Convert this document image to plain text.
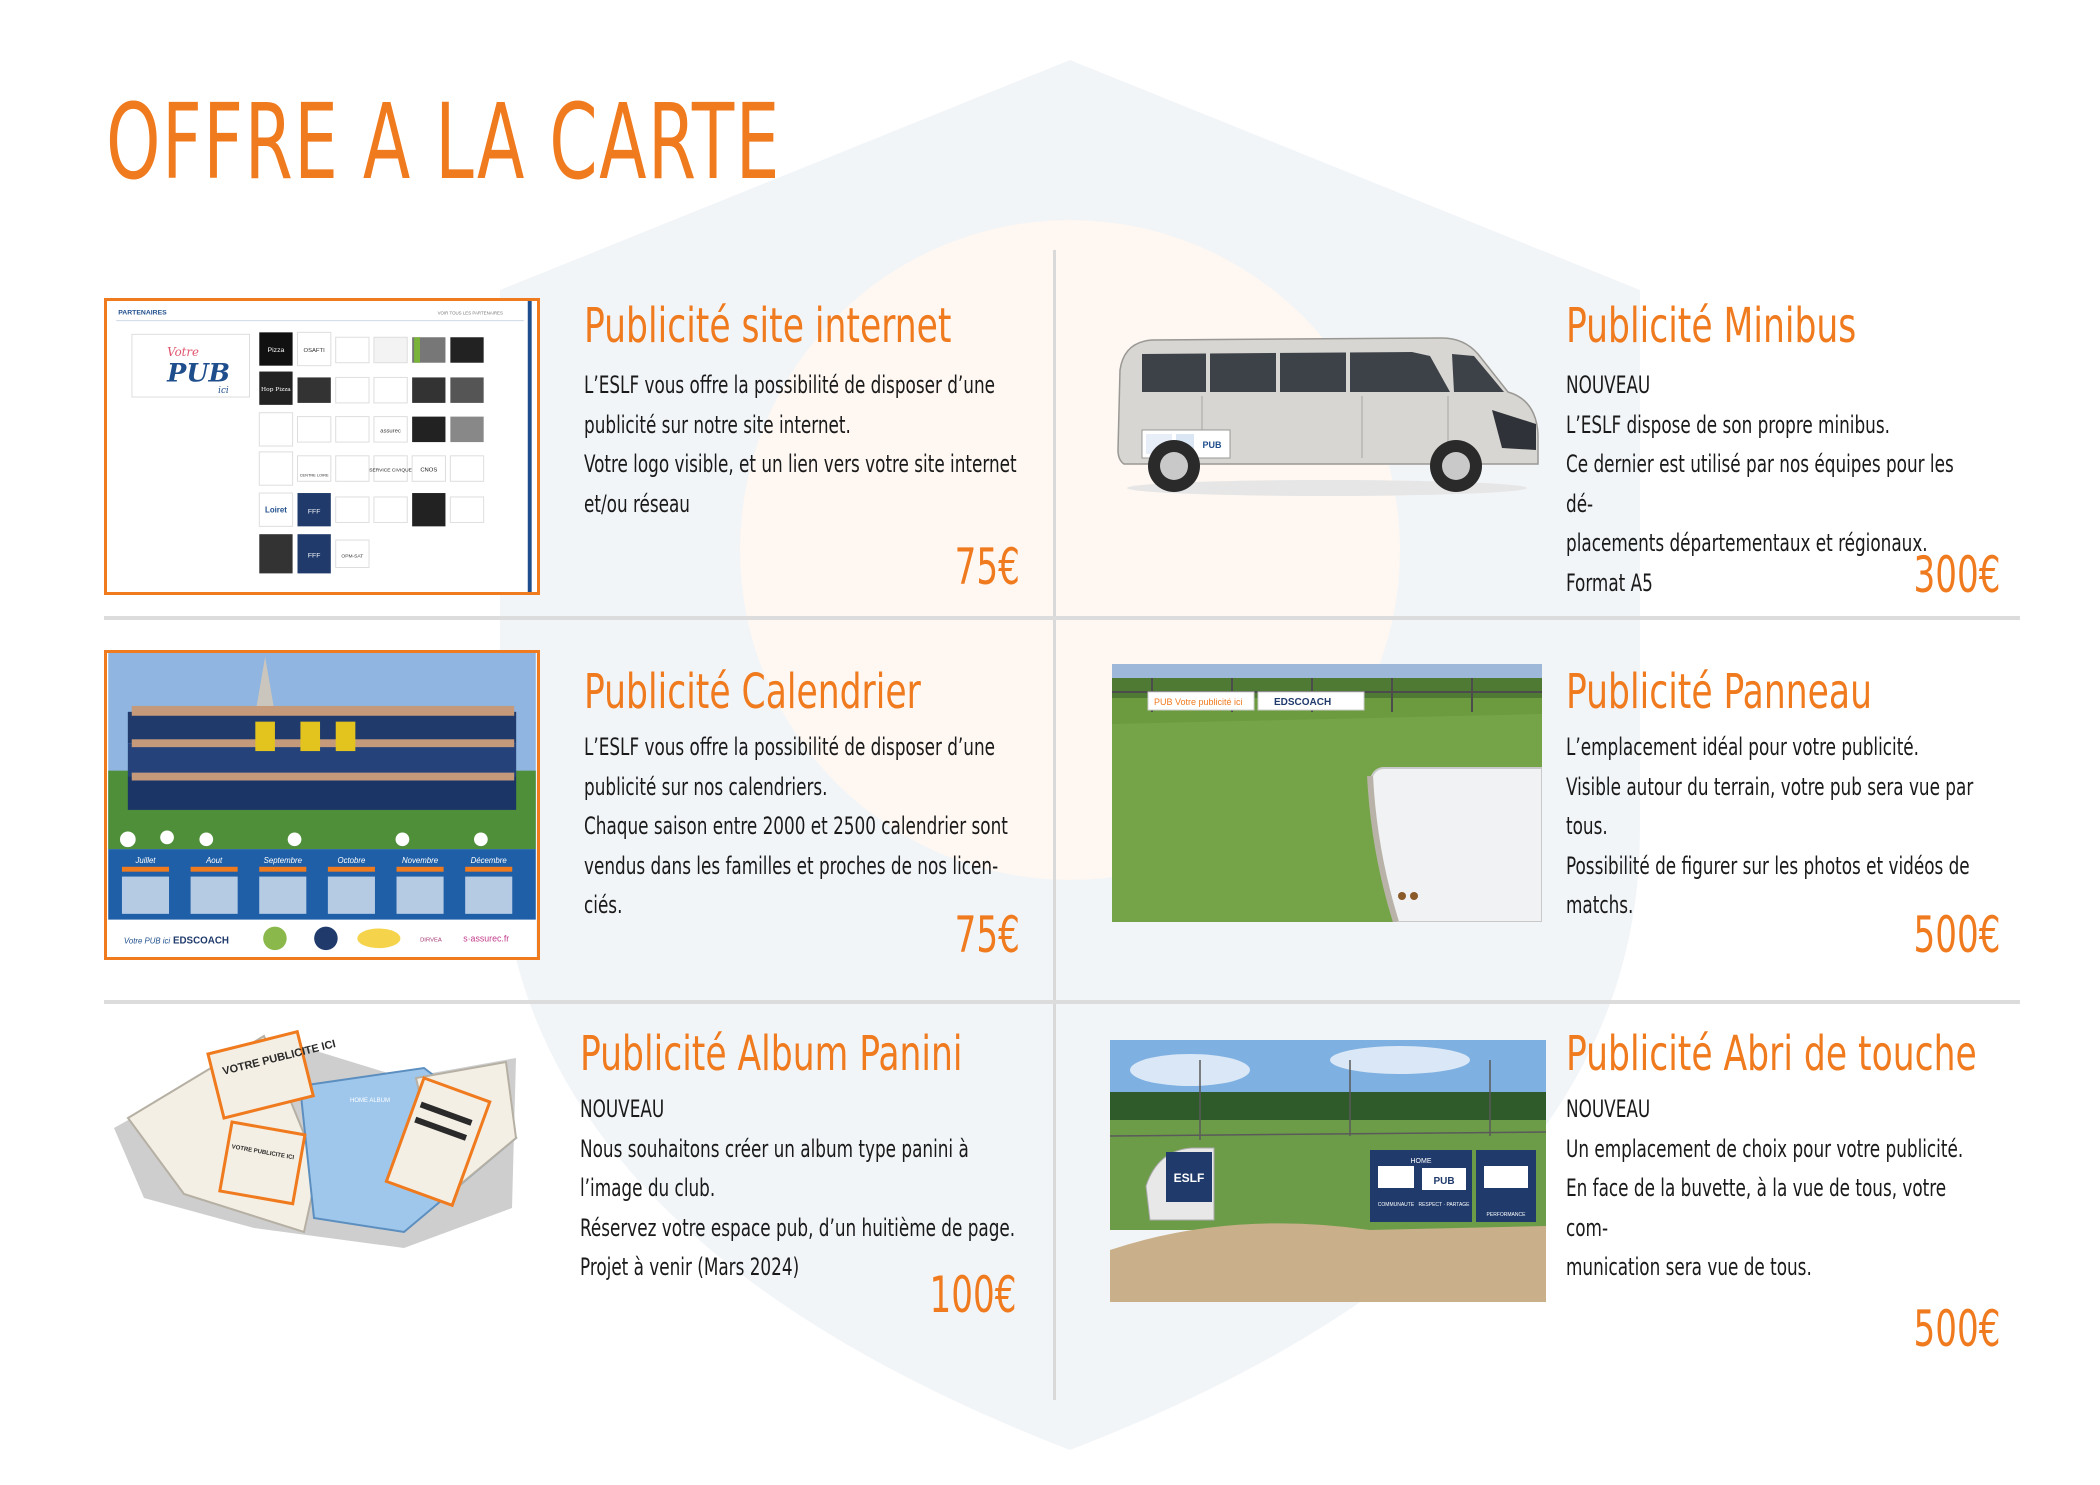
OFFRE A LA CARTE
PARTENAIRES	VOIR TOUS LES PARTENAIRES
Votre
PUB
ici
Pizza	OSAFTI
Hop Pizza
assurec
CENTRE LOIRE
SERVICE CIVIQUE CNOS
Loiret	FFF
FFF	OPM-SAT
Publicité site internet
L’ESLF vous offre la possibilité de disposer d’une
publicité sur notre site internet.
Votre logo visible, et un lien vers votre site internet
et/ou réseau
75€
PUB
Publicité Minibus
NOUVEAU
L’ESLF dispose de son propre minibus.
Ce dernier est utilisé par nos équipes pour les dé-
placements départementaux et régionaux.
Format A5	300€
Juillet	Aout	Septembre	Octobre	Novembre	Décembre
Votre PUB ici EDSCOACH	DIRVEA s·assurec.fr
Publicité Calendrier
L’ESLF vous offre la possibilité de disposer d’une
publicité sur nos calendriers.
Chaque saison entre 2000 et 2500 calendrier sont
vendus dans les familles et proches de nos licen-
ciés.
75€
PUB Votre publicité ici	EDSCOACH	Publicité Panneau
L’emplacement idéal pour votre publicité.
Visible autour du terrain, votre pub sera vue par
tous.
Possibilité de figurer sur les photos et vidéos de
matchs.
500€
VOTRE PUBLICITE ICI
VOTRE PUBLICITE ICI
HOME ALBUM
Publicité Album Panini
NOUVEAU
Nous souhaitons créer un album type panini à
l’image du club.
Réservez votre espace pub, d’un huitième de page.
Projet à venir (Mars 2024)	100€
ESLF
HOME
PUB
COMMUNAUTE RESPECT · PARTAGE
PERFORMANCE
Publicité Abri de touche
NOUVEAU
Un emplacement de choix pour votre publicité.
En face de la buvette, à la vue de tous, votre com-
munication sera vue de tous.
500€
